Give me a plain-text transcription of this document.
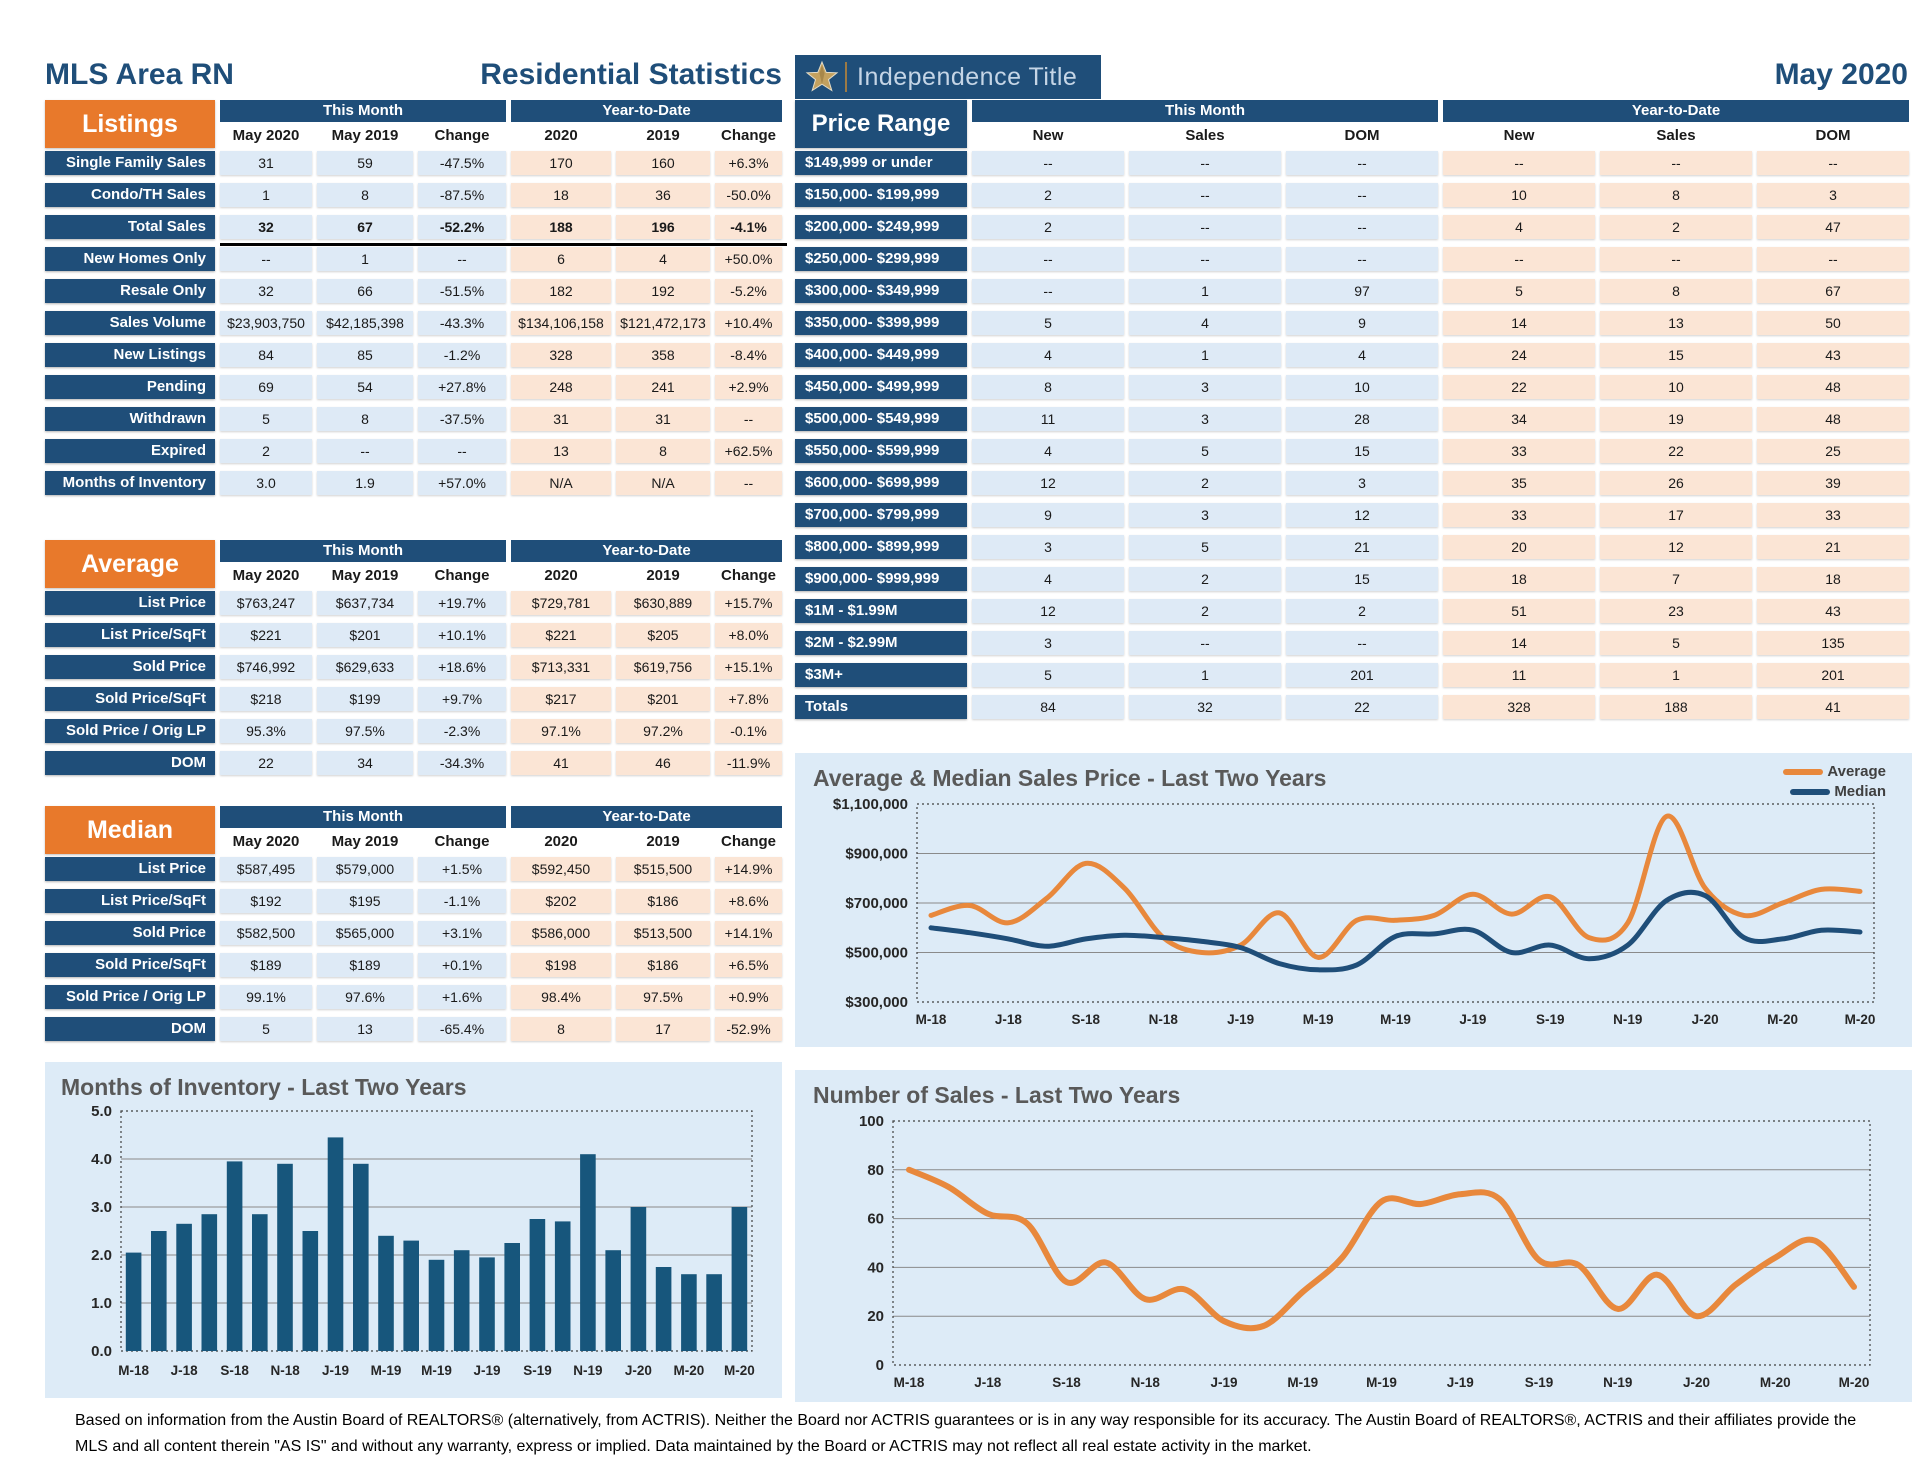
MLS Area RN	Residential Statistics	Independence Title	May 2020
Listings	This Month	Year-to-Date
May 2020	May 2019	Change	2020	2019	Change
Single Family Sales	31	59	-47.5%	170	160	+6.3%
Condo/TH Sales	1	8	-87.5%	18	36	-50.0%
Total Sales	32	67	-52.2%	188	196	-4.1%
New Homes Only	--	1	--	6	4	+50.0%
Resale Only	32	66	-51.5%	182	192	-5.2%
Sales Volume	$23,903,750	$42,185,398	-43.3%	$134,106,158	$121,472,173	+10.4%
New Listings	84	85	-1.2%	328	358	-8.4%
Pending	69	54	+27.8%	248	241	+2.9%
Withdrawn	5	8	-37.5%	31	31	--
Expired	2	--	--	13	8	+62.5%
Months of Inventory	3.0	1.9	+57.0%	N/A	N/A	--
Average	This Month	Year-to-Date
May 2020	May 2019	Change	2020	2019	Change
List Price	$763,247	$637,734	+19.7%	$729,781	$630,889	+15.7%
List Price/SqFt	$221	$201	+10.1%	$221	$205	+8.0%
Sold Price	$746,992	$629,633	+18.6%	$713,331	$619,756	+15.1%
Sold Price/SqFt	$218	$199	+9.7%	$217	$201	+7.8%
Sold Price / Orig LP	95.3%	97.5%	-2.3%	97.1%	97.2%	-0.1%
DOM	22	34	-34.3%	41	46	-11.9%
Median	This Month	Year-to-Date
May 2020	May 2019	Change	2020	2019	Change
List Price	$587,495	$579,000	+1.5%	$592,450	$515,500	+14.9%
List Price/SqFt	$192	$195	-1.1%	$202	$186	+8.6%
Sold Price	$582,500	$565,000	+3.1%	$586,000	$513,500	+14.1%
Sold Price/SqFt	$189	$189	+0.1%	$198	$186	+6.5%
Sold Price / Orig LP	99.1%	97.6%	+1.6%	98.4%	97.5%	+0.9%
DOM	5	13	-65.4%	8	17	-52.9%
Price Range	This Month	Year-to-Date
New	Sales	DOM	New	Sales	DOM
$149,999 or under	--	--	--	--	--	--
$150,000- $199,999	2	--	--	10	8	3
$200,000- $249,999	2	--	--	4	2	47
$250,000- $299,999	--	--	--	--	--	--
$300,000- $349,999	--	1	97	5	8	67
$350,000- $399,999	5	4	9	14	13	50
$400,000- $449,999	4	1	4	24	15	43
$450,000- $499,999	8	3	10	22	10	48
$500,000- $549,999	11	3	28	34	19	48
$550,000- $599,999	4	5	15	33	22	25
$600,000- $699,999	12	2	3	35	26	39
$700,000- $799,999	9	3	12	33	17	33
$800,000- $899,999	3	5	21	20	12	21
$900,000- $999,999	4	2	15	18	7	18
$1M - $1.99M	12	2	2	51	23	43
$2M - $2.99M	3	--	--	14	5	135
$3M+	5	1	201	11	1	201
Totals	84	32	22	328	188	41
Average & Median Sales Price - Last Two Years	Average
Median
$300,000
$500,000
$700,000
$900,000
$1,100,000
M-18	J-18	S-18	N-18	J-19	M-19	M-19	J-19	S-19	N-19	J-20	M-20	M-20
Months of Inventory - Last Two Years
0.0
1.0
2.0
3.0
4.0
5.0
M-18 J-18 S-18 N-18 J-19 M-19 M-19 J-19 S-19 N-19 J-20 M-20 M-20
Number of Sales - Last Two Years
0
20
40
60
80
100
M-18	J-18	S-18	N-18	J-19	M-19	M-19	J-19	S-19	N-19	J-20	M-20	M-20
Based on information from the Austin Board of REALTORS® (alternatively, from ACTRIS). Neither the Board nor ACTRIS guarantees or is in any way responsible for its accuracy. The Austin Board of REALTORS®, ACTRIS and their affiliates provide the MLS and all content therein "AS IS" and without any warranty, express or implied. Data maintained by the Board or ACTRIS may not reflect all real estate activity in the market.
